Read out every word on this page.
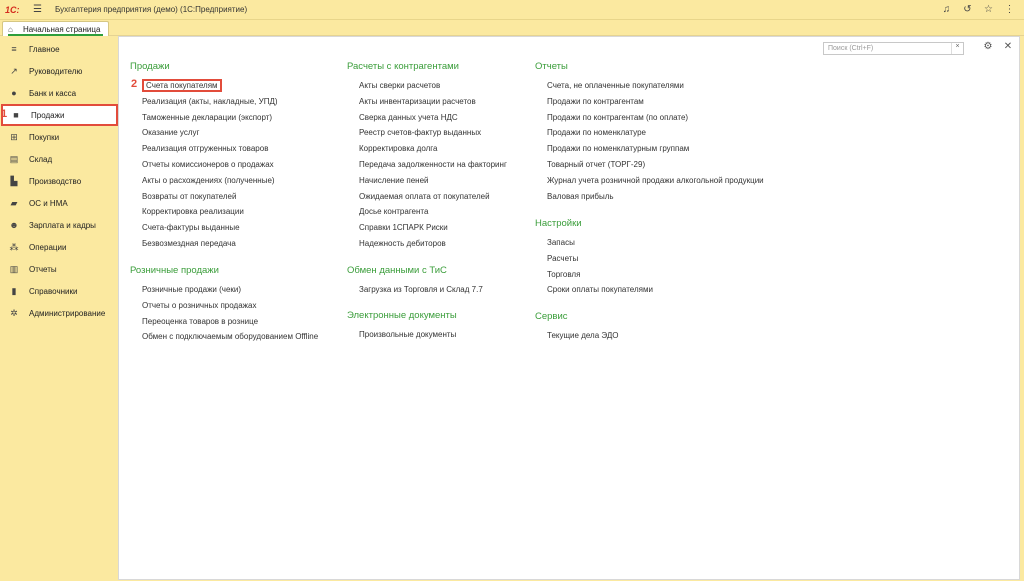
1С:	☰	Бухгалтерия предприятия (демо) (1С:Предприятие)	♫ ↺ ☆ ⋮
⌂	Начальная страница
≡ Главное
↗ Руководителю
● Банк и касса
■ Продажи
⊞ Покупки
▤ Склад
▙ Производство
▰ ОС и НМА
☻ Зарплата и кадры
⁂ Операции
▥ Отчеты
▮	Справочники
✲ Администрирование
1
Поиск (Ctrl+F)	×	⚙ ✕
Продажи
Счета покупателям
Реализация (акты, накладные, УПД)
Таможенные декларации (экспорт)
Оказание услуг
Реализация отгруженных товаров
Отчеты комиссионеров о продажах
Акты о расхождениях (полученные)
Возвраты от покупателей
Корректировка реализации
Счета-фактуры выданные
Безвозмездная передача
Розничные продажи
Розничные продажи (чеки)
Отчеты о розничных продажах
Переоценка товаров в рознице
Обмен с подключаемым оборудованием Offline
Расчеты с контрагентами
Акты сверки расчетов
Акты инвентаризации расчетов
Сверка данных учета НДС
Реестр счетов-фактур выданных
Корректировка долга
Передача задолженности на факторинг
Начисление пеней
Ожидаемая оплата от покупателей
Досье контрагента
Справки 1СПАРК Риски
Надежность дебиторов
Обмен данными с ТиС
Загрузка из Торговля и Склад 7.7
Электронные документы
Произвольные документы
Отчеты
Счета, не оплаченные покупателями
Продажи по контрагентам
Продажи по контрагентам (по оплате)
Продажи по номенклатуре
Продажи по номенклатурным группам
Товарный отчет (ТОРГ-29)
Журнал учета розничной продажи алкогольной продукции
Валовая прибыль
Настройки
Запасы
Расчеты
Торговля
Сроки оплаты покупателями
Сервис
Текущие дела ЭДО
2
